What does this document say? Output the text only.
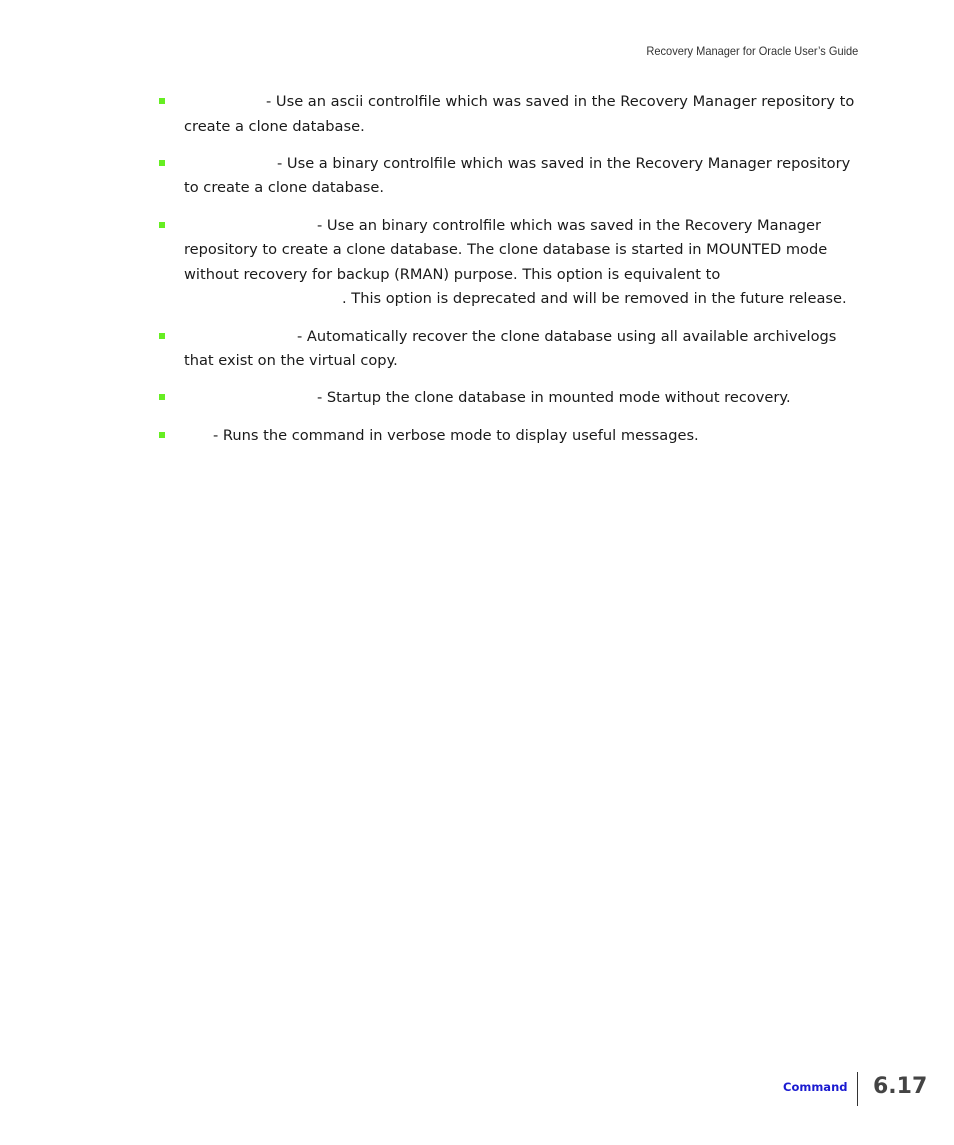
Recovery Manager for Oracle User’s Guide
- Use an ascii controlfile which was saved in the Recovery Manager repository to
create a clone database.
- Use a binary controlfile which was saved in the Recovery Manager repository
to create a clone database.
- Use an binary controlfile which was saved in the Recovery Manager
repository to create a clone database. The clone database is started in MOUNTED mode
without recovery for backup (RMAN) purpose. This option is equivalent to
. This option is deprecated and will be removed in the future release.
- Automatically recover the clone database using all available archivelogs
that exist on the virtual copy.
- Startup the clone database in mounted mode without recovery.
- Runs the command in verbose mode to display useful messages.
Command 6.17
